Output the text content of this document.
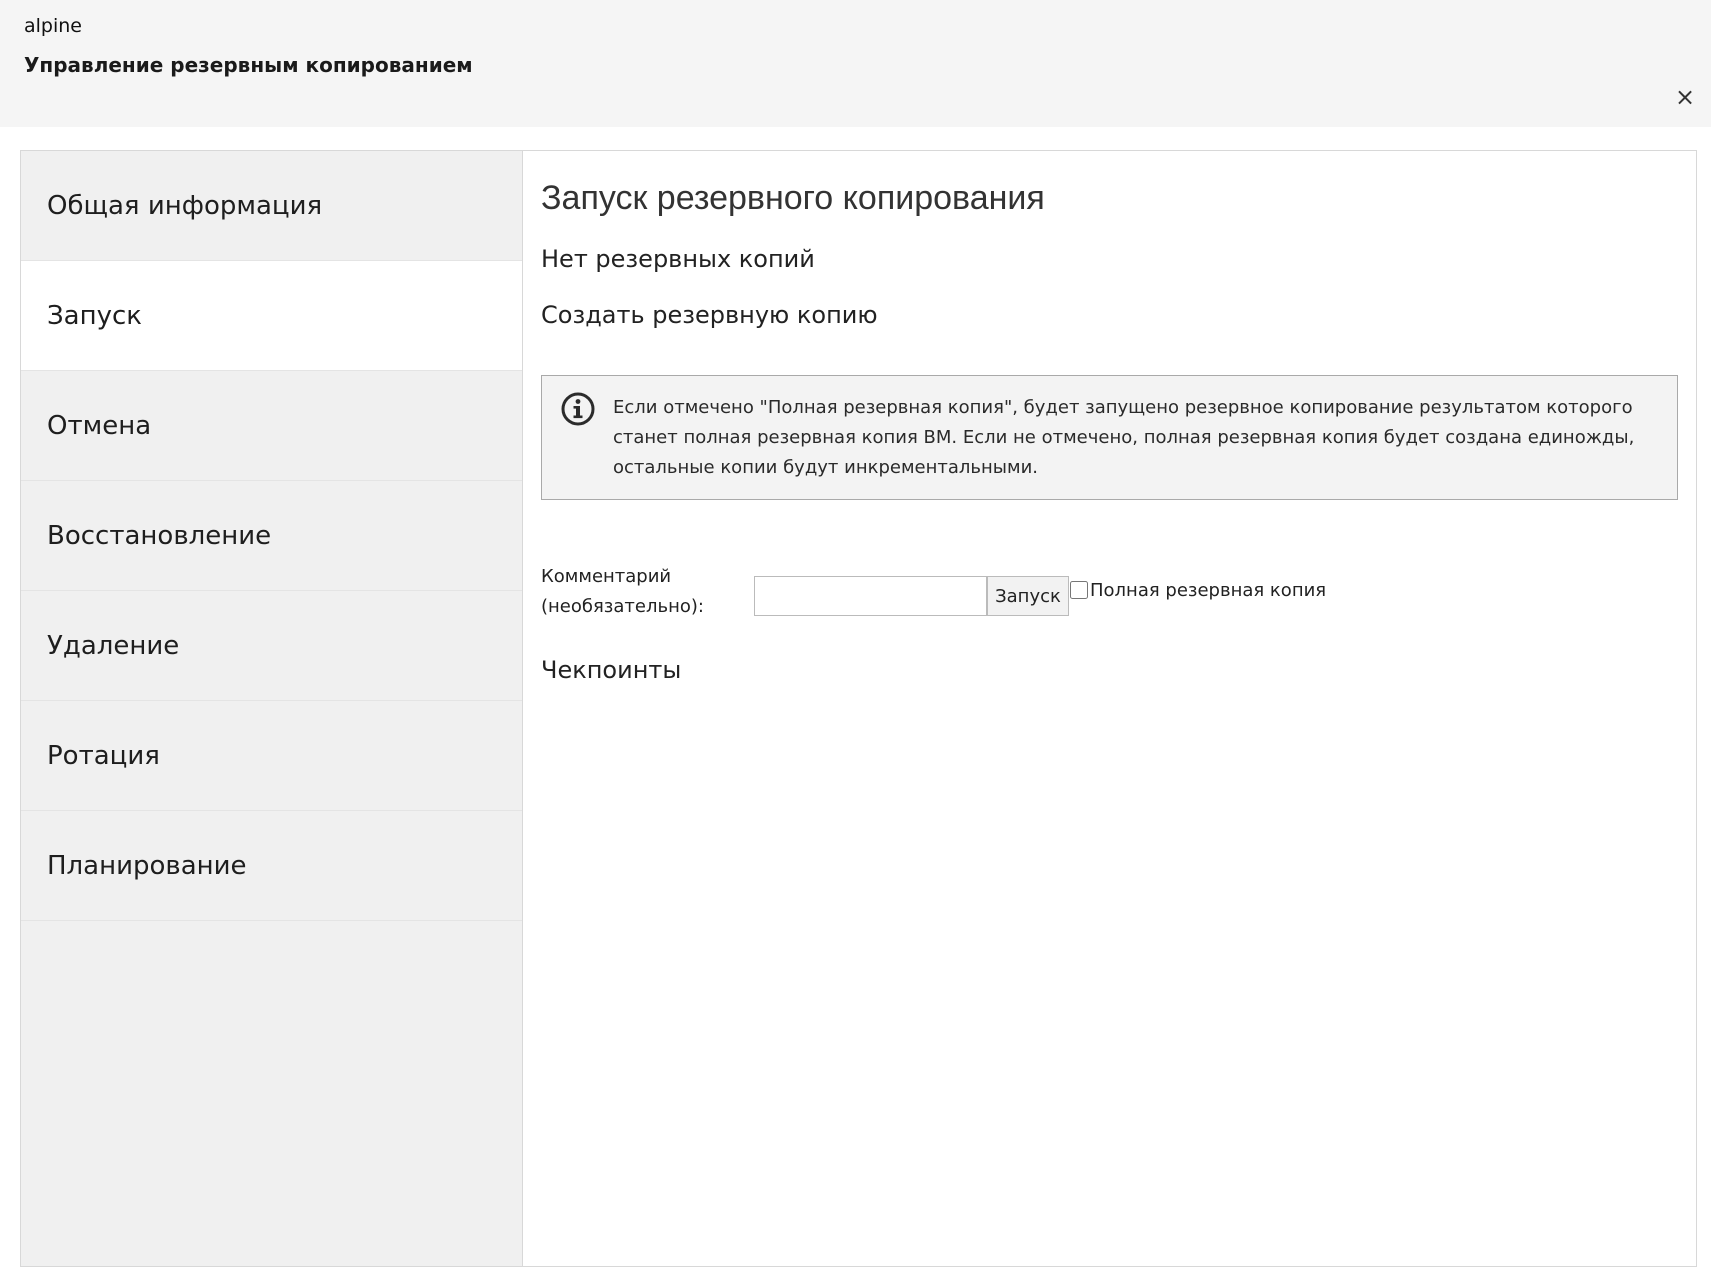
alpine
Управление резервным копированием
×
Общая информация
Запуск
Отмена
Восстановление
Удаление
Ротация
Планирование
Запуск резервного копирования
Нет резервных копий
Создать резервную копию
Если отмечено "Полная резервная копия", будет запущено резервное копирование результатом которого станет полная резервная копия ВМ. Если не отмечено, полная резервная копия будет создана единожды, остальные копии будут инкрементальными.
Комментарий (необязательно):	Запуск	Полная резервная копия
Чекпоинты
